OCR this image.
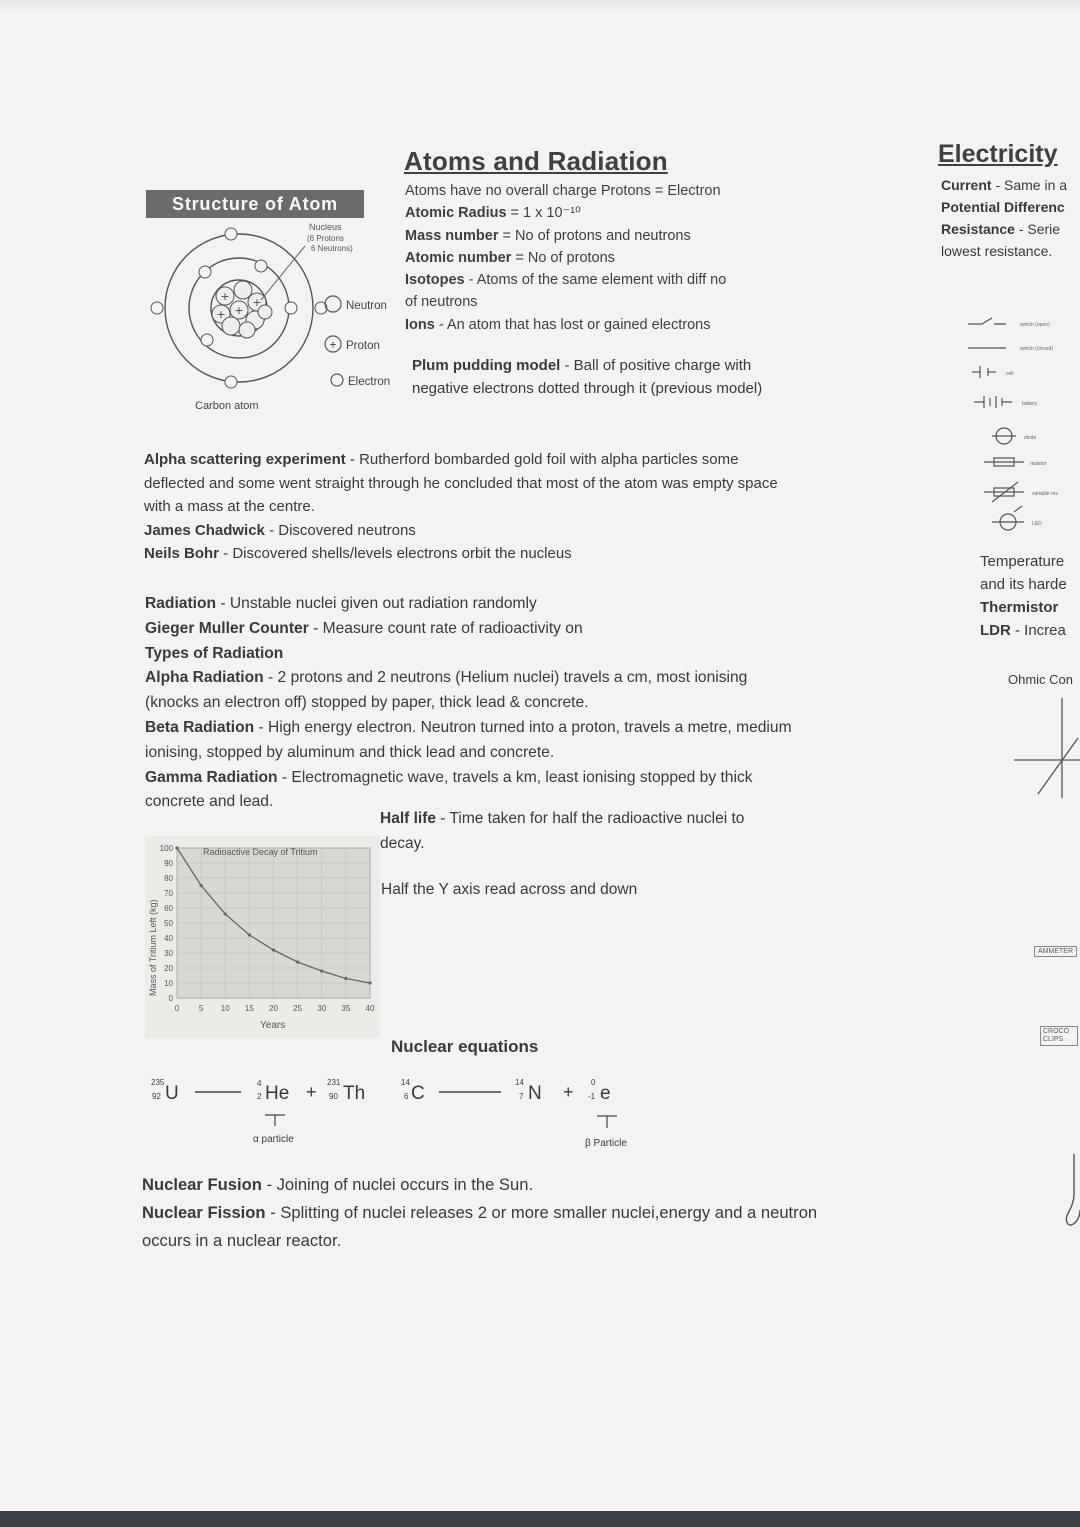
Atoms and Radiation
Structure of Atom
+
+
+
+
Nucleus
(6 Protons
6 Neutrons)
Neutron
+ Proton
Electron
Carbon atom

Atoms have no overall charge Protons = Electron

Atomic Radius = 1 x 10⁻¹⁰

Mass number = No of protons and neutrons

Atomic number = No of protons

Isotopes - Atoms of the same element with diff no

of neutrons

Ions - An atom that has lost or gained electrons

Plum pudding model - Ball of positive charge with negative electrons dotted through it (previous model)

Alpha scattering experiment - Rutherford bombarded gold foil with alpha particles some deflected and some went straight through he concluded that most of the atom was empty space with a mass at the centre.

James Chadwick - Discovered neutrons

Neils Bohr - Discovered shells/levels electrons orbit the nucleus

Radiation - Unstable nuclei given out radiation randomly

Gieger Muller Counter - Measure count rate of radioactivity on

Types of Radiation

Alpha Radiation - 2 protons and 2 neutrons (Helium nuclei) travels a cm, most ionising (knocks an electron off) stopped by paper, thick lead & concrete.

Beta Radiation - High energy electron. Neutron turned into a proton, travels a metre, medium ionising, stopped by aluminum and thick lead and concrete.

Gamma Radiation - Electromagnetic wave, travels a km, least ionising stopped by thick concrete and lead.

Half life - Time taken for half the radioactive nuclei to decay.
Half the Y axis read across and down
0
10
20
30
40
50
60
70
80
90
100
0 5 10 15 20 25 30 35 40
Radioactive Decay of Tritium
Years
Mass of Tritium Left (kg)
Nuclear equations
235
92 U	4
2 He + 231
90 Th
α particle
14
6 C
14
7 N + 0
-1 e
β Particle

Nuclear Fusion - Joining of nuclei occurs in the Sun.

Nuclear Fission - Splitting of nuclei releases 2 or more smaller nuclei,energy and a neutron occurs in a nuclear reactor.

Electricity

Current - Same in a

Potential Differenc

Resistance - Serie

lowest resistance.

switch (open)
switch (closed)
cell
battery
diode
resistor
variable res
LED

Temperature

and its harde

Thermistor

LDR - Increa

Ohmic Con
AMMETER
CROCO CLIPS
